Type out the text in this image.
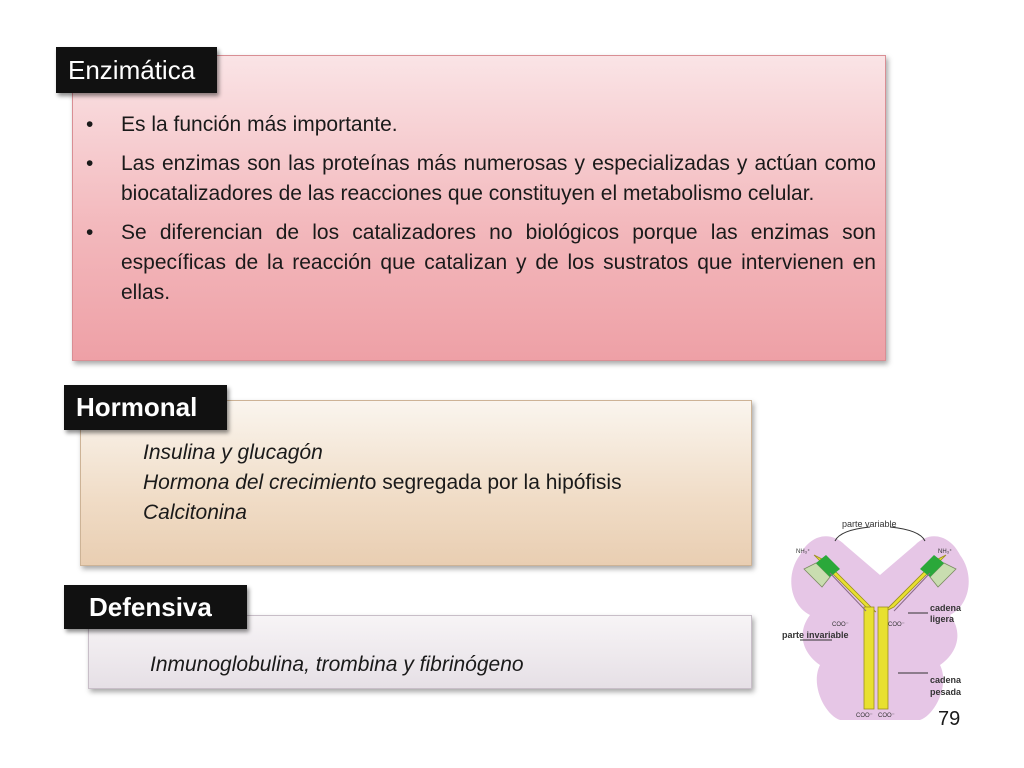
Enzimática
• Es la función más importante.
• Las enzimas son las proteínas más numerosas y especializadas y actúan como biocatalizadores de las reacciones que constituyen el metabolismo celular.
• Se diferencian de los catalizadores no biológicos porque las enzimas son específicas de la reacción que catalizan y de los sustratos que intervienen en ellas.
Hormonal
Insulina y glucagón
Hormona del crecimiento segregada por la hipófisis
Calcitonina
Defensiva
Inmunoglobulina, trombina y fibrinógeno
parte variable
NH₃⁺	NH₃⁺
COO⁻	COO⁻
cadena
ligera
parte invariable
cadena
pesada
COO⁻ COO⁻ 79
